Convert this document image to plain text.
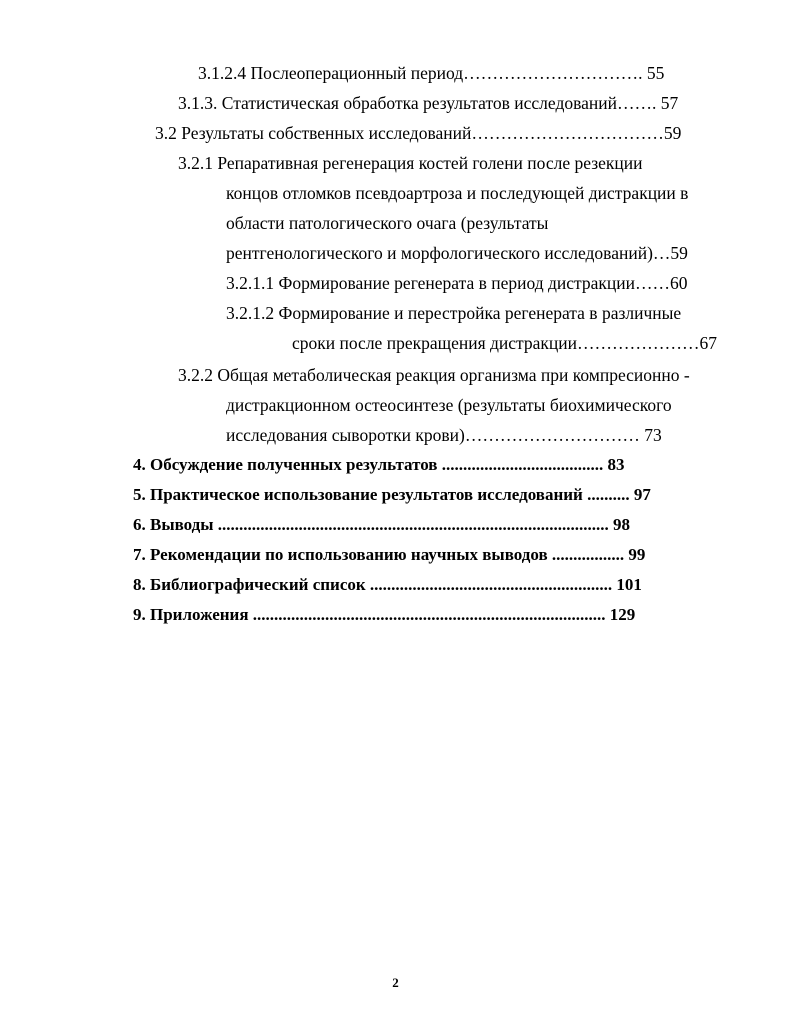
3.1.2.4 Послеоперационный период…………………………. 55
3.1.3. Статистическая обработка результатов исследований……. 57
3.2 Результаты собственных исследований……………………………59
3.2.1 Репаративная регенерация костей голени после резекции
концов отломков псевдоартроза и последующей дистракции в
области патологического очага (результаты
рентгенологического и морфологического исследований)…59
3.2.1.1 Формирование регенерата в период дистракции……60
3.2.1.2 Формирование и перестройка регенерата в различные
сроки после прекращения дистракции…………………67
3.2.2 Общая метаболическая реакция организма при компресионно -
дистракционном остеосинтезе (результаты биохимического
исследования сыворотки крови)………………………… 73
4. Обсуждение полученных результатов ...................................... 83
5. Практическое использование результатов исследований .......... 97
6. Выводы ............................................................................................ 98
7. Рекомендации по использованию научных выводов ................. 99
8. Библиографический список ......................................................... 101
9. Приложения ................................................................................... 129
2
